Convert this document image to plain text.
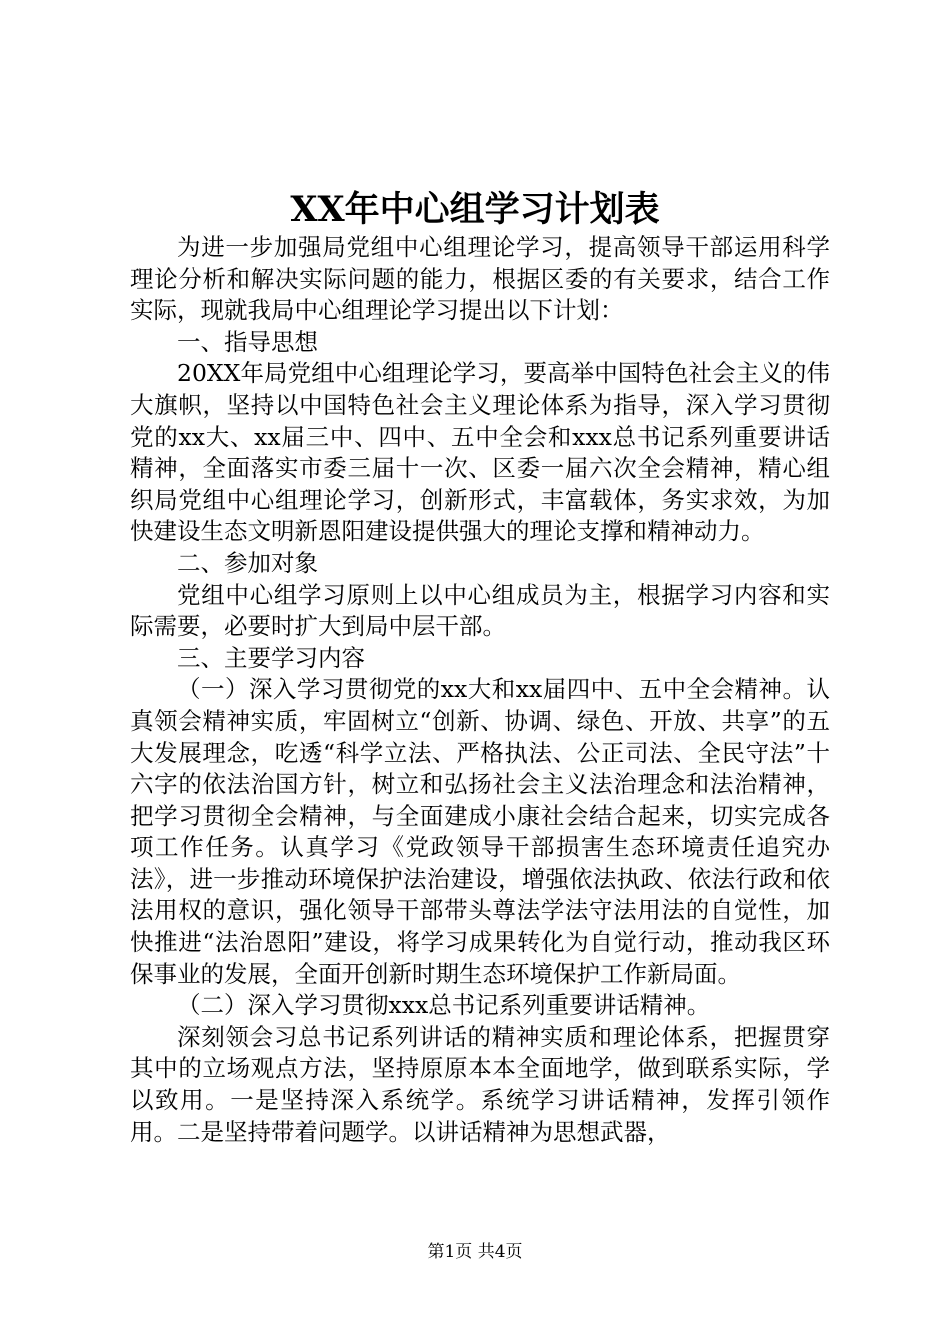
XX年中心组学习计划表

为进一步加强局党组中心组理论学习，提高领导干部运用科学理论分析和解决实际问题的能力，根据区委的有关要求，结合工作实际，现就我局中心组理论学习提出以下计划：

一、指导思想

20XX年局党组中心组理论学习，要高举中国特色社会主义的伟大旗帜，坚持以中国特色社会主义理论体系为指导，深入学习贯彻党的xx大、xx届三中、四中、五中全会和xxx总书记系列重要讲话精神，全面落实市委三届十一次、区委一届六次全会精神，精心组织局党组中心组理论学习，创新形式，丰富载体，务实求效，为加快建设生态文明新恩阳建设提供强大的理论支撑和精神动力。

二、参加对象

党组中心组学习原则上以中心组成员为主，根据学习内容和实际需要，必要时扩大到局中层干部。

三、主要学习内容

（一）深入学习贯彻党的xx大和xx届四中、五中全会精神。认真领会精神实质，牢固树立“创新、协调、绿色、开放、共享”的五大发展理念，吃透“科学立法、严格执法、公正司法、全民守法”十六字的依法治国方针，树立和弘扬社会主义法治理念和法治精神，把学习贯彻全会精神，与全面建成小康社会结合起来，切实完成各项工作任务。认真学习《党政领导干部损害生态环境责任追究办法》，进一步推动环境保护法治建设，增强依法执政、依法行政和依法用权的意识，强化领导干部带头尊法学法守法用法的自觉性，加快推进“法治恩阳”建设，将学习成果转化为自觉行动，推动我区环保事业的发展，全面开创新时期生态环境保护工作新局面。

（二）深入学习贯彻xxx总书记系列重要讲话精神。

深刻领会习总书记系列讲话的精神实质和理论体系，把握贯穿其中的立场观点方法，坚持原原本本全面地学，做到联系实际，学以致用。一是坚持深入系统学。系统学习讲话精神，发挥引领作用。二是坚持带着问题学。以讲话精神为思想武器，

第1页 共4页
